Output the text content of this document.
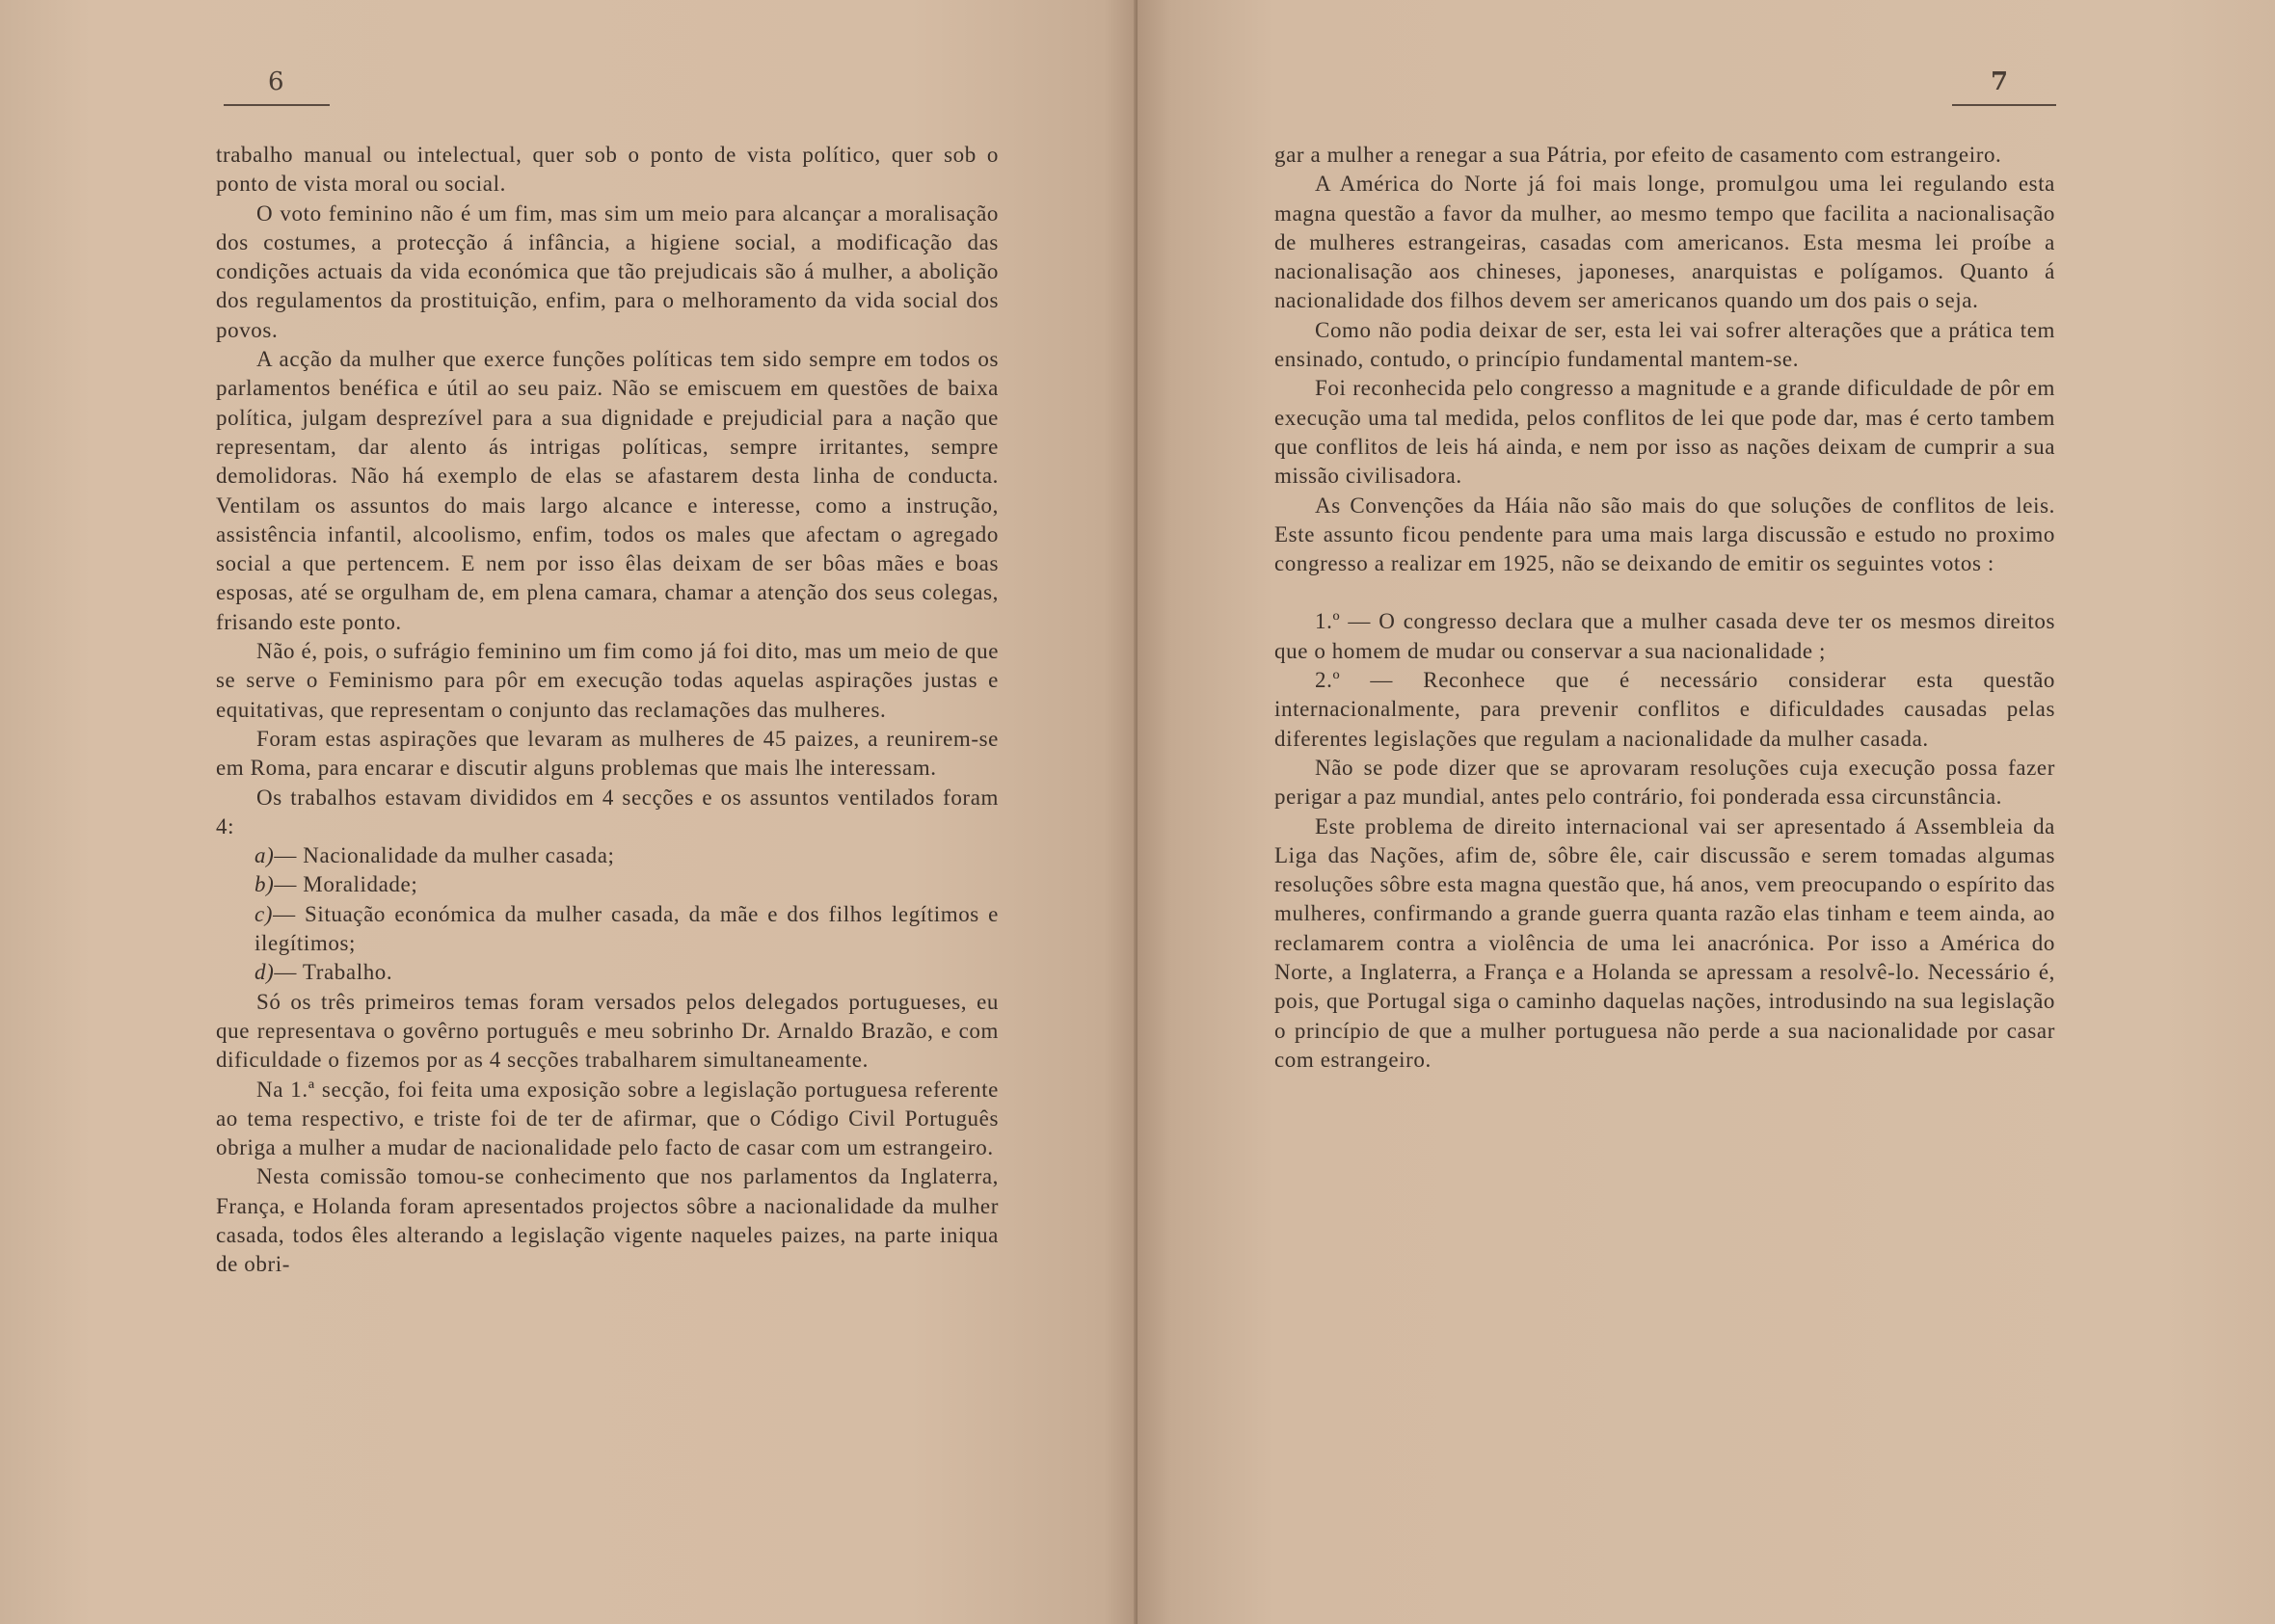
6

trabalho manual ou intelectual, quer sob o ponto de vista político, quer sob o ponto de vista moral ou social.

O voto feminino não é um fim, mas sim um meio para alcançar a moralisação dos costumes, a protecção á infância, a higiene social, a modificação das condições actuais da vida económica que tão prejudicais são á mulher, a abolição dos regulamentos da prostituição, enfim, para o melhoramento da vida social dos povos.

A acção da mulher que exerce funções políticas tem sido sempre em todos os parlamentos benéfica e útil ao seu paiz. Não se emiscuem em questões de baixa política, julgam desprezível para a sua dignidade e prejudicial para a nação que representam, dar alento ás intrigas políticas, sempre irritantes, sempre demolidoras. Não há exemplo de elas se afastarem desta linha de conducta. Ventilam os assuntos do mais largo alcance e interesse, como a instrução, assistência infantil, alcoolismo, enfim, todos os males que afectam o agregado social a que pertencem. E nem por isso êlas deixam de ser bôas mães e boas esposas, até se orgulham de, em plena camara, chamar a atenção dos seus colegas, frisando este ponto.

Não é, pois, o sufrágio feminino um fim como já foi dito, mas um meio de que se serve o Feminismo para pôr em execução todas aquelas aspirações justas e equitativas, que representam o conjunto das reclamações das mulheres.

Foram estas aspirações que levaram as mulheres de 45 paizes, a reunirem-se em Roma, para encarar e discutir alguns problemas que mais lhe interessam.

Os trabalhos estavam divididos em 4 secções e os assuntos ventilados foram 4:

a)— Nacionalidade da mulher casada;

b)— Moralidade;

c)— Situação económica da mulher casada, da mãe e dos filhos legítimos e ilegítimos;

d)— Trabalho.

Só os três primeiros temas foram versados pelos delegados portugueses, eu que representava o govêrno português e meu sobrinho Dr. Arnaldo Brazão, e com dificuldade o fizemos por as 4 secções trabalharem simultaneamente.

Na 1.ª secção, foi feita uma exposição sobre a legislação portuguesa referente ao tema respectivo, e triste foi de ter de afirmar, que o Código Civil Português obriga a mulher a mudar de nacionalidade pelo facto de casar com um estrangeiro.

Nesta comissão tomou-se conhecimento que nos parlamentos da Inglaterra, França, e Holanda foram apresentados projectos sôbre a nacionalidade da mulher casada, todos êles alterando a legislação vigente naqueles paizes, na parte iniqua de obri-

7

gar a mulher a renegar a sua Pátria, por efeito de casamento com estrangeiro.

A América do Norte já foi mais longe, promulgou uma lei regulando esta magna questão a favor da mulher, ao mesmo tempo que facilita a nacionalisação de mulheres estrangeiras, casadas com americanos. Esta mesma lei proíbe a nacionalisação aos chineses, japoneses, anarquistas e polígamos. Quanto á nacionalidade dos filhos devem ser americanos quando um dos pais o seja.

Como não podia deixar de ser, esta lei vai sofrer alterações que a prática tem ensinado, contudo, o princípio fundamental mantem-se.

Foi reconhecida pelo congresso a magnitude e a grande dificuldade de pôr em execução uma tal medida, pelos conflitos de lei que pode dar, mas é certo tambem que conflitos de leis há ainda, e nem por isso as nações deixam de cumprir a sua missão civilisadora.

As Convenções da Háia não são mais do que soluções de conflitos de leis. Este assunto ficou pendente para uma mais larga discussão e estudo no proximo congresso a realizar em 1925, não se deixando de emitir os seguintes votos :

1.º — O congresso declara que a mulher casada deve ter os mesmos direitos que o homem de mudar ou conservar a sua nacionalidade ;

2.º — Reconhece que é necessário considerar esta questão internacionalmente, para prevenir conflitos e dificuldades causadas pelas diferentes legislações que regulam a nacionalidade da mulher casada.

Não se pode dizer que se aprovaram resoluções cuja execução possa fazer perigar a paz mundial, antes pelo contrário, foi ponderada essa circunstância.

Este problema de direito internacional vai ser apresentado á Assembleia da Liga das Nações, afim de, sôbre êle, cair discussão e serem tomadas algumas resoluções sôbre esta magna questão que, há anos, vem preocupando o espírito das mulheres, confirmando a grande guerra quanta razão elas tinham e teem ainda, ao reclamarem contra a violência de uma lei anacrónica. Por isso a América do Norte, a Inglaterra, a França e a Holanda se apressam a resolvê-lo. Necessário é, pois, que Portugal siga o caminho daquelas nações, introdusindo na sua legislação o princípio de que a mulher portuguesa não perde a sua nacionalidade por casar com estrangeiro.
